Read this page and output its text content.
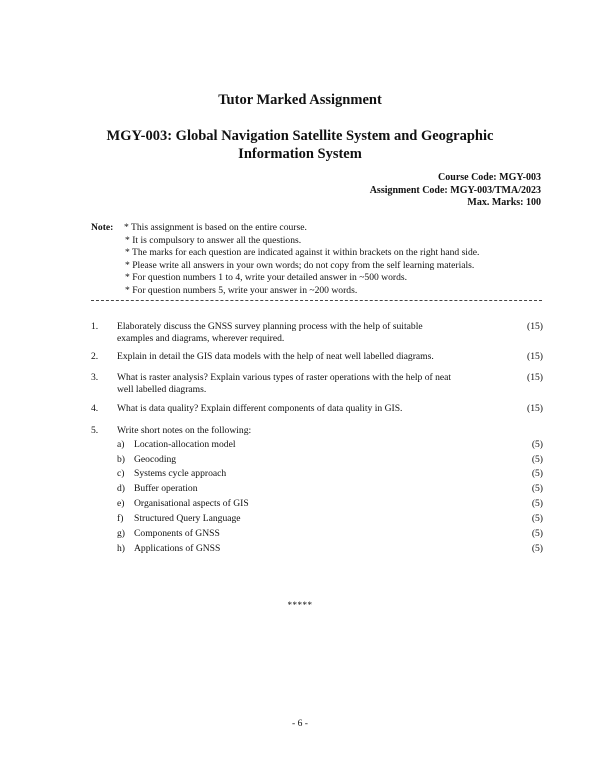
Tutor Marked Assignment
MGY-003: Global Navigation Satellite System and Geographic
Information System
Course Code: MGY-003
Assignment Code: MGY-003/TMA/2023
Max. Marks: 100
Note: * This assignment is based on the entire course.
* It is compulsory to answer all the questions.
* The marks for each question are indicated against it within brackets on the right hand side.
* Please write all answers in your own words; do not copy from the self learning materials.
* For question numbers 1 to 4, write your detailed answer in ~500 words.
* For question numbers 5, write your answer in ~200 words.
1. Elaborately discuss the GNSS survey planning process with the help of suitable
examples and diagrams, wherever required.
(15)
2. Explain in detail the GIS data models with the help of neat well labelled diagrams.	(15)
3. What is raster analysis? Explain various types of raster operations with the help of neat
well labelled diagrams.
(15)
4. What is data quality? Explain different components of data quality in GIS.	(15)
5. Write short notes on the following:
a) Location-allocation model	(5)
b) Geocoding	(5)
c) Systems cycle approach	(5)
d) Buffer operation	(5)
e) Organisational aspects of GIS	(5)
f) Structured Query Language	(5)
g) Components of GNSS	(5)
h) Applications of GNSS	(5)
*****
- 6 -
